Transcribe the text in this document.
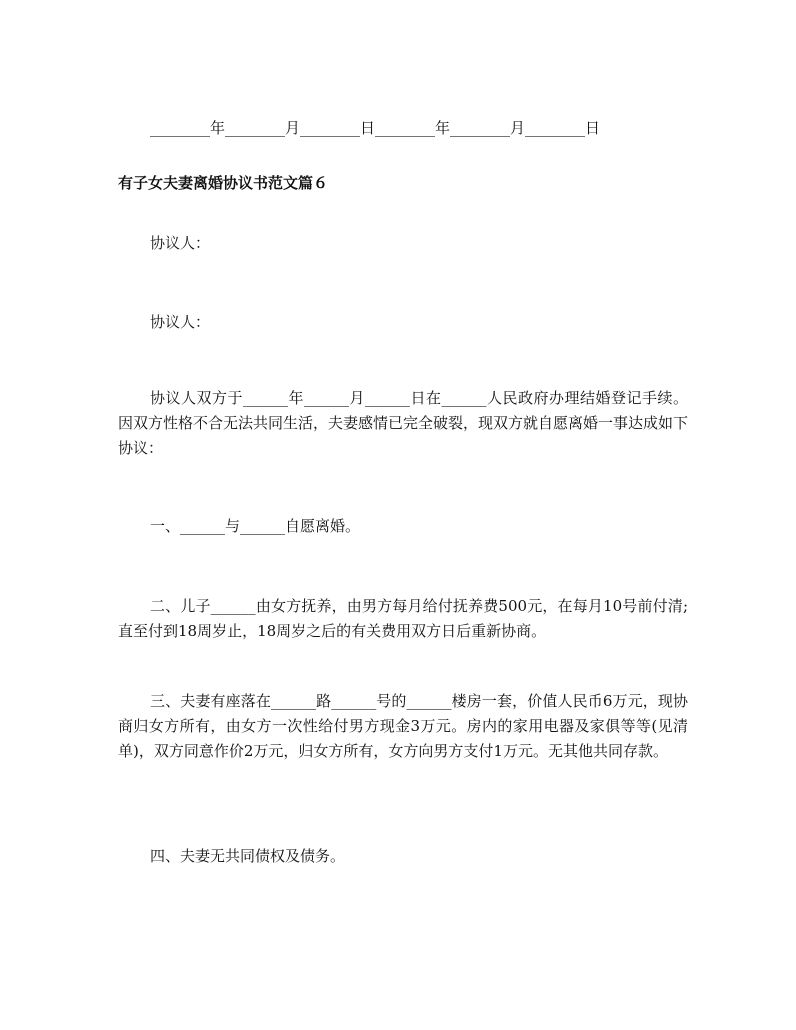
________年________月________日________年________月________日
有子女夫妻离婚协议书范文篇６
协议人：
协议人：
协议人双方于______年______月______日在______人民政府办理结婚登记手续。因双方性格不合无法共同生活，夫妻感情已完全破裂，现双方就自愿离婚一事达成如下协议：
一、______与______自愿离婚。
二、儿子______由女方抚养，由男方每月给付抚养费500元，在每月10号前付清;直至付到18周岁止，18周岁之后的有关费用双方日后重新协商。
三、夫妻有座落在______路______号的______楼房一套，价值人民币6万元，现协商归女方所有，由女方一次性给付男方现金3万元。房内的家用电器及家俱等等(见清单)，双方同意作价2万元，归女方所有，女方向男方支付1万元。无其他共同存款。
四、夫妻无共同债权及债务。
